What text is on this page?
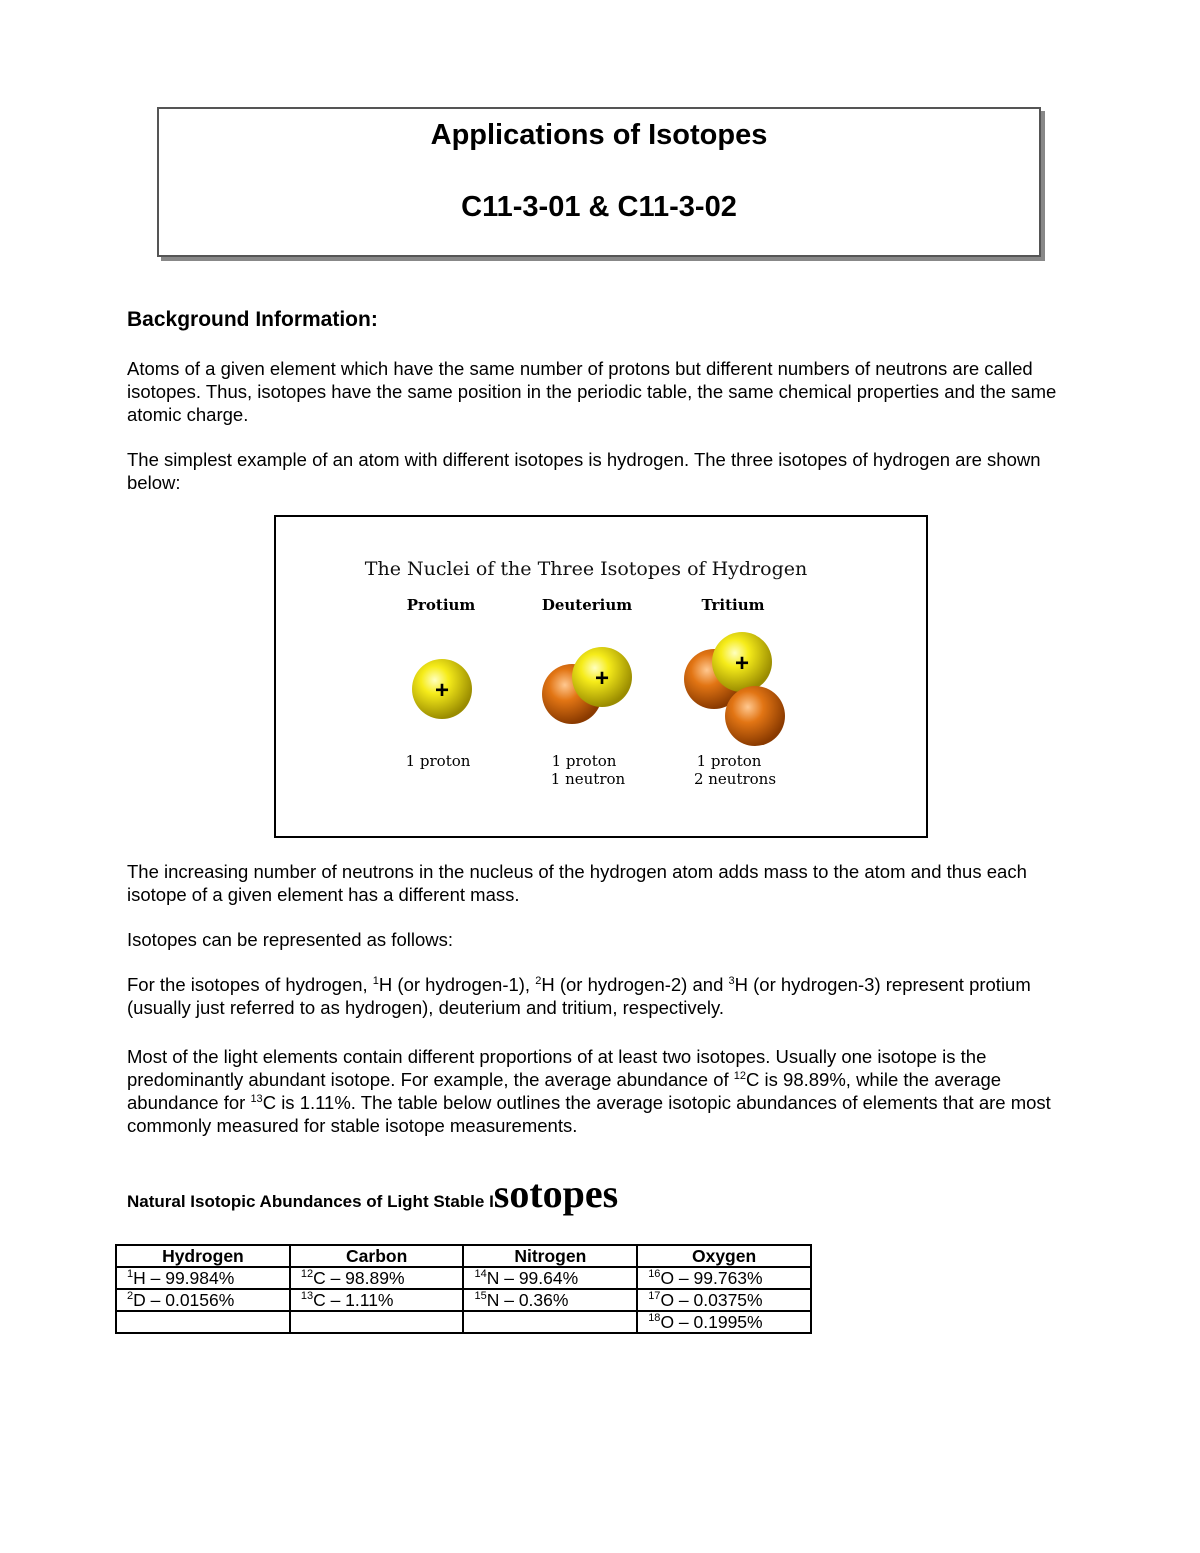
Applications of Isotopes
C11-3-01 & C11-3-02
Background Information:
Atoms of a given element which have the same number of protons but different numbers of neutrons are called isotopes. Thus, isotopes have the same position in the periodic table, the same chemical properties and the same atomic charge.
The simplest example of an atom with different isotopes is hydrogen. The three isotopes of hydrogen are shown below:
The Nuclei of the Three Isotopes of Hydrogen
Protium
+
1 proton
Deuterium
+
1 proton
1 neutron
Tritium
+
1 proton
2 neutrons
The increasing number of neutrons in the nucleus of the hydrogen atom adds mass to the atom and thus each isotope of a given element has a different mass.
Isotopes can be represented as follows:
For the isotopes of hydrogen, $^1$H (or hydrogen-1), $^2$H (or hydrogen-2) and $^3$H (or hydrogen-3) represent protium (usually just referred to as hydrogen), deuterium and tritium, respectively.
Most of the light elements contain different proportions of at least two isotopes. Usually one isotope is the predominantly abundant isotope. For example, the average abundance of $^{12}$C is 98.89%, while the average abundance for $^{13}$C is 1.11%. The table below outlines the average isotopic abundances of elements that are most commonly measured for stable isotope measurements.
Natural Isotopic Abundances of Light Stable Isotopes
Hydrogen	Carbon	Nitrogen	Oxygen
$^1$H – 99.984%	$^{12}$C – 98.89%	$^{14}$N – 99.64%	$^{16}$O – 99.763%
$^2$D – 0.0156%	$^{13}$C – 1.11%	$^{15}$N – 0.36%	$^{17}$O – 0.0375%
			$^{18}$O – 0.1995%
